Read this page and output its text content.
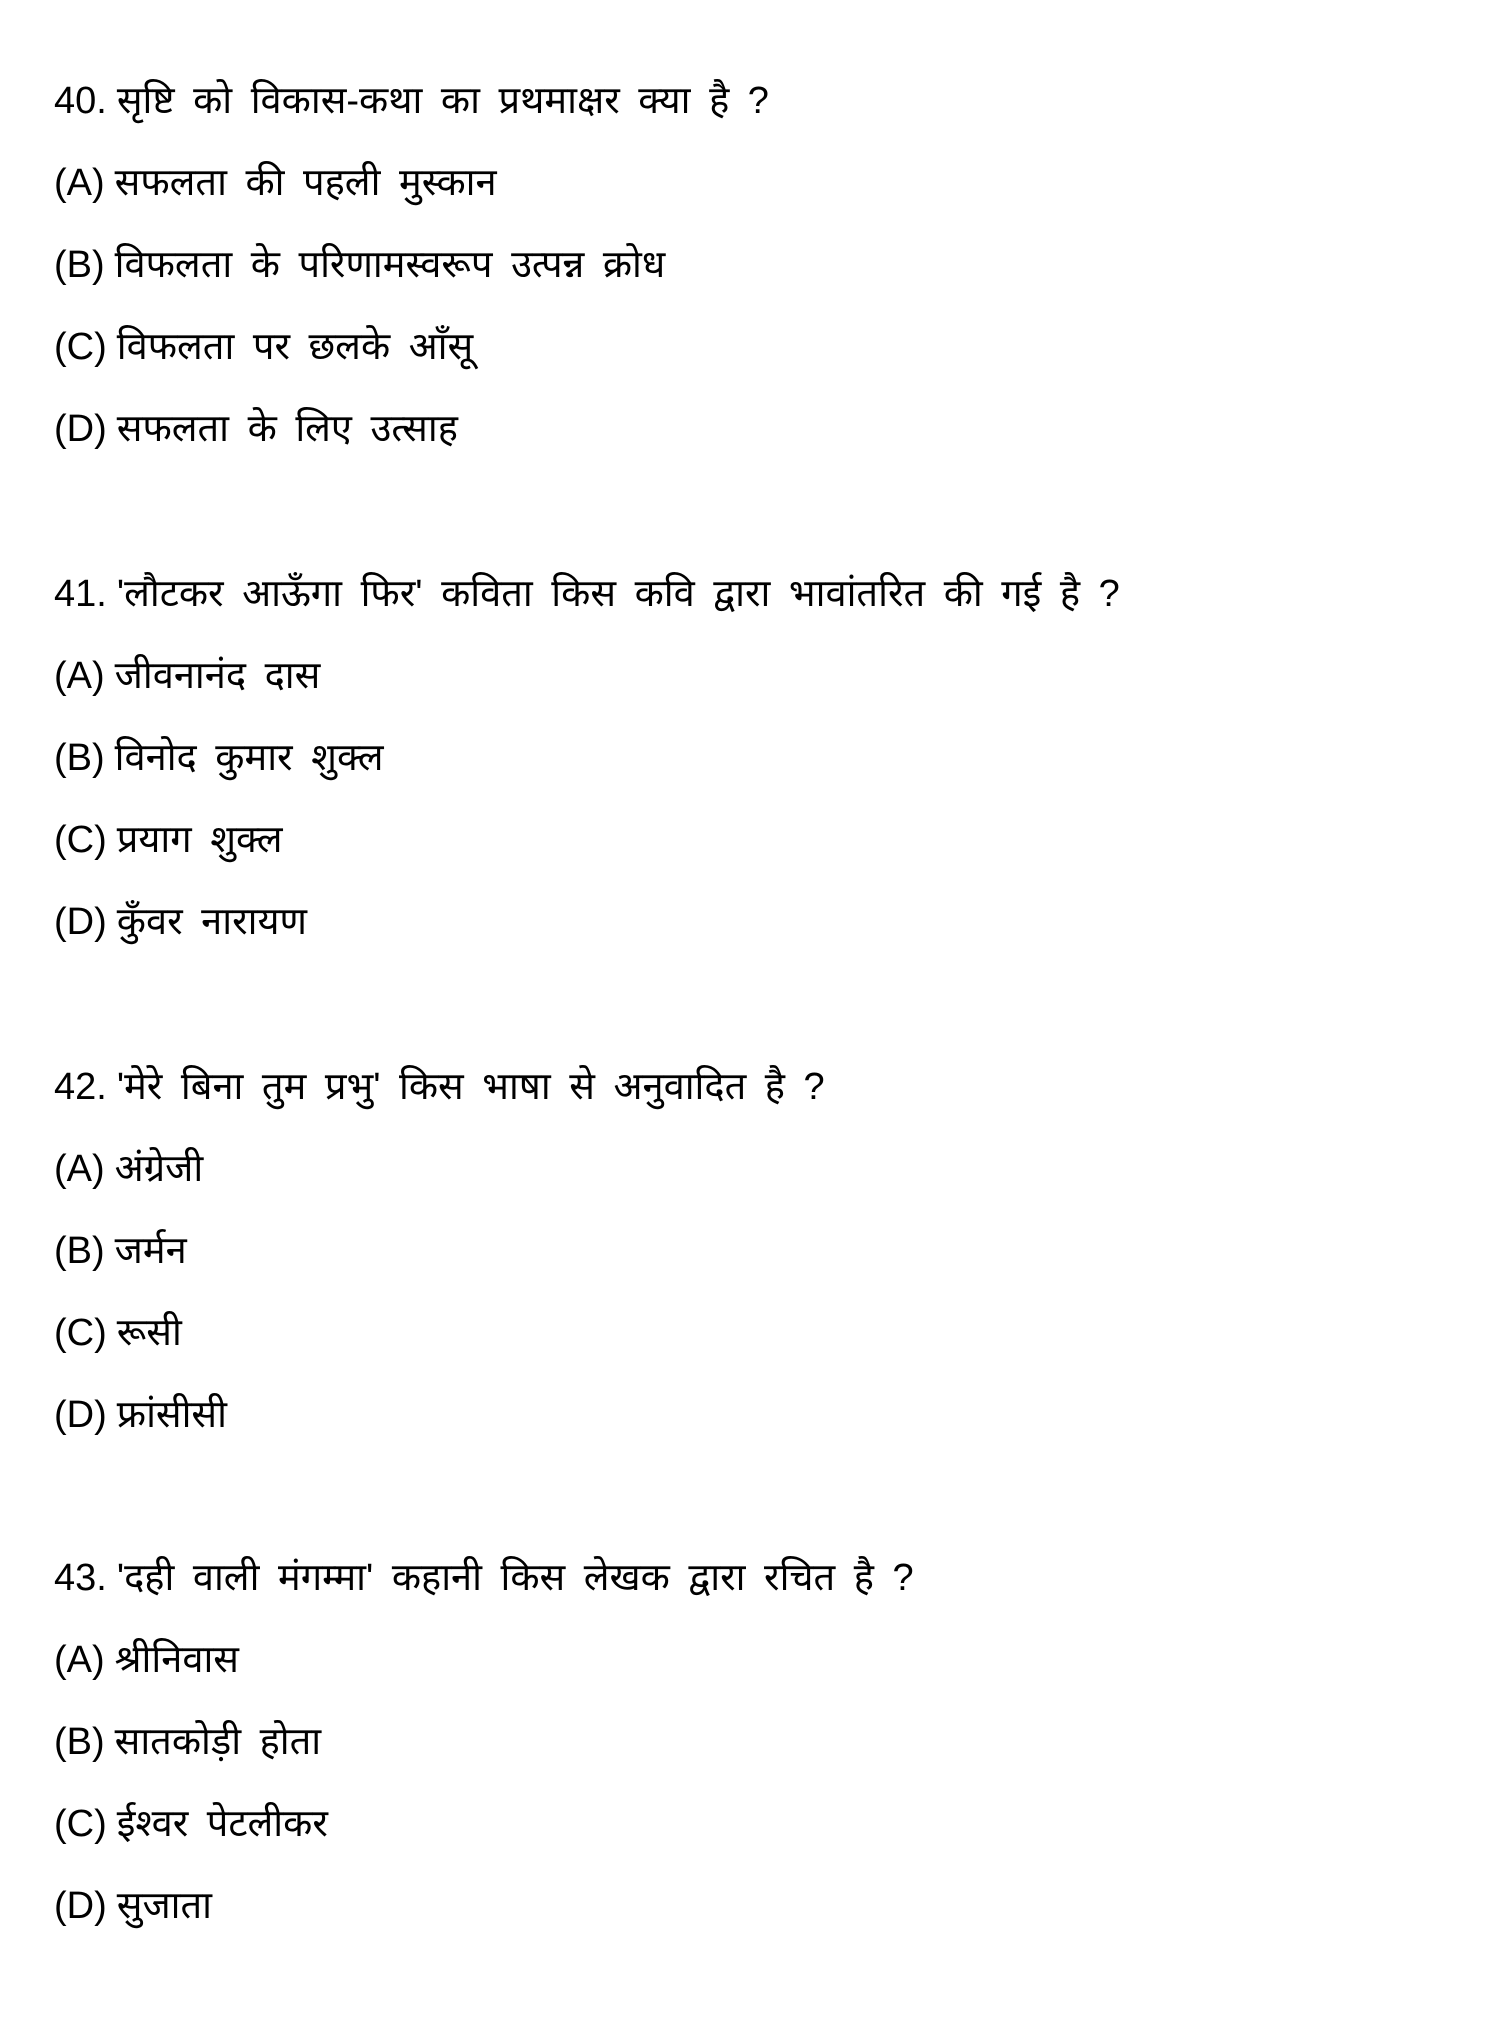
40. सृष्टि को विकास-कथा का प्रथमाक्षर क्या है ?
(A) सफलता की पहली मुस्कान
(B) विफलता के परिणामस्वरूप उत्पन्न क्रोध
(C) विफलता पर छलके आँसू
(D) सफलता के लिए उत्साह
41. 'लौटकर आऊँगा फिर' कविता किस कवि द्वारा भावांतरित की गई है ?
(A) जीवनानंद दास
(B) विनोद कुमार शुक्ल
(C) प्रयाग शुक्ल
(D) कुँवर नारायण
42. 'मेरे बिना तुम प्रभु' किस भाषा से अनुवादित है ?
(A) अंग्रेजी
(B) जर्मन
(C) रूसी
(D) फ्रांसीसी
43. 'दही वाली मंगम्मा' कहानी किस लेखक द्वारा रचित है ?
(A) श्रीनिवास
(B) सातकोड़ी होता
(C) ईश्वर पेटलीकर
(D) सुजाता
